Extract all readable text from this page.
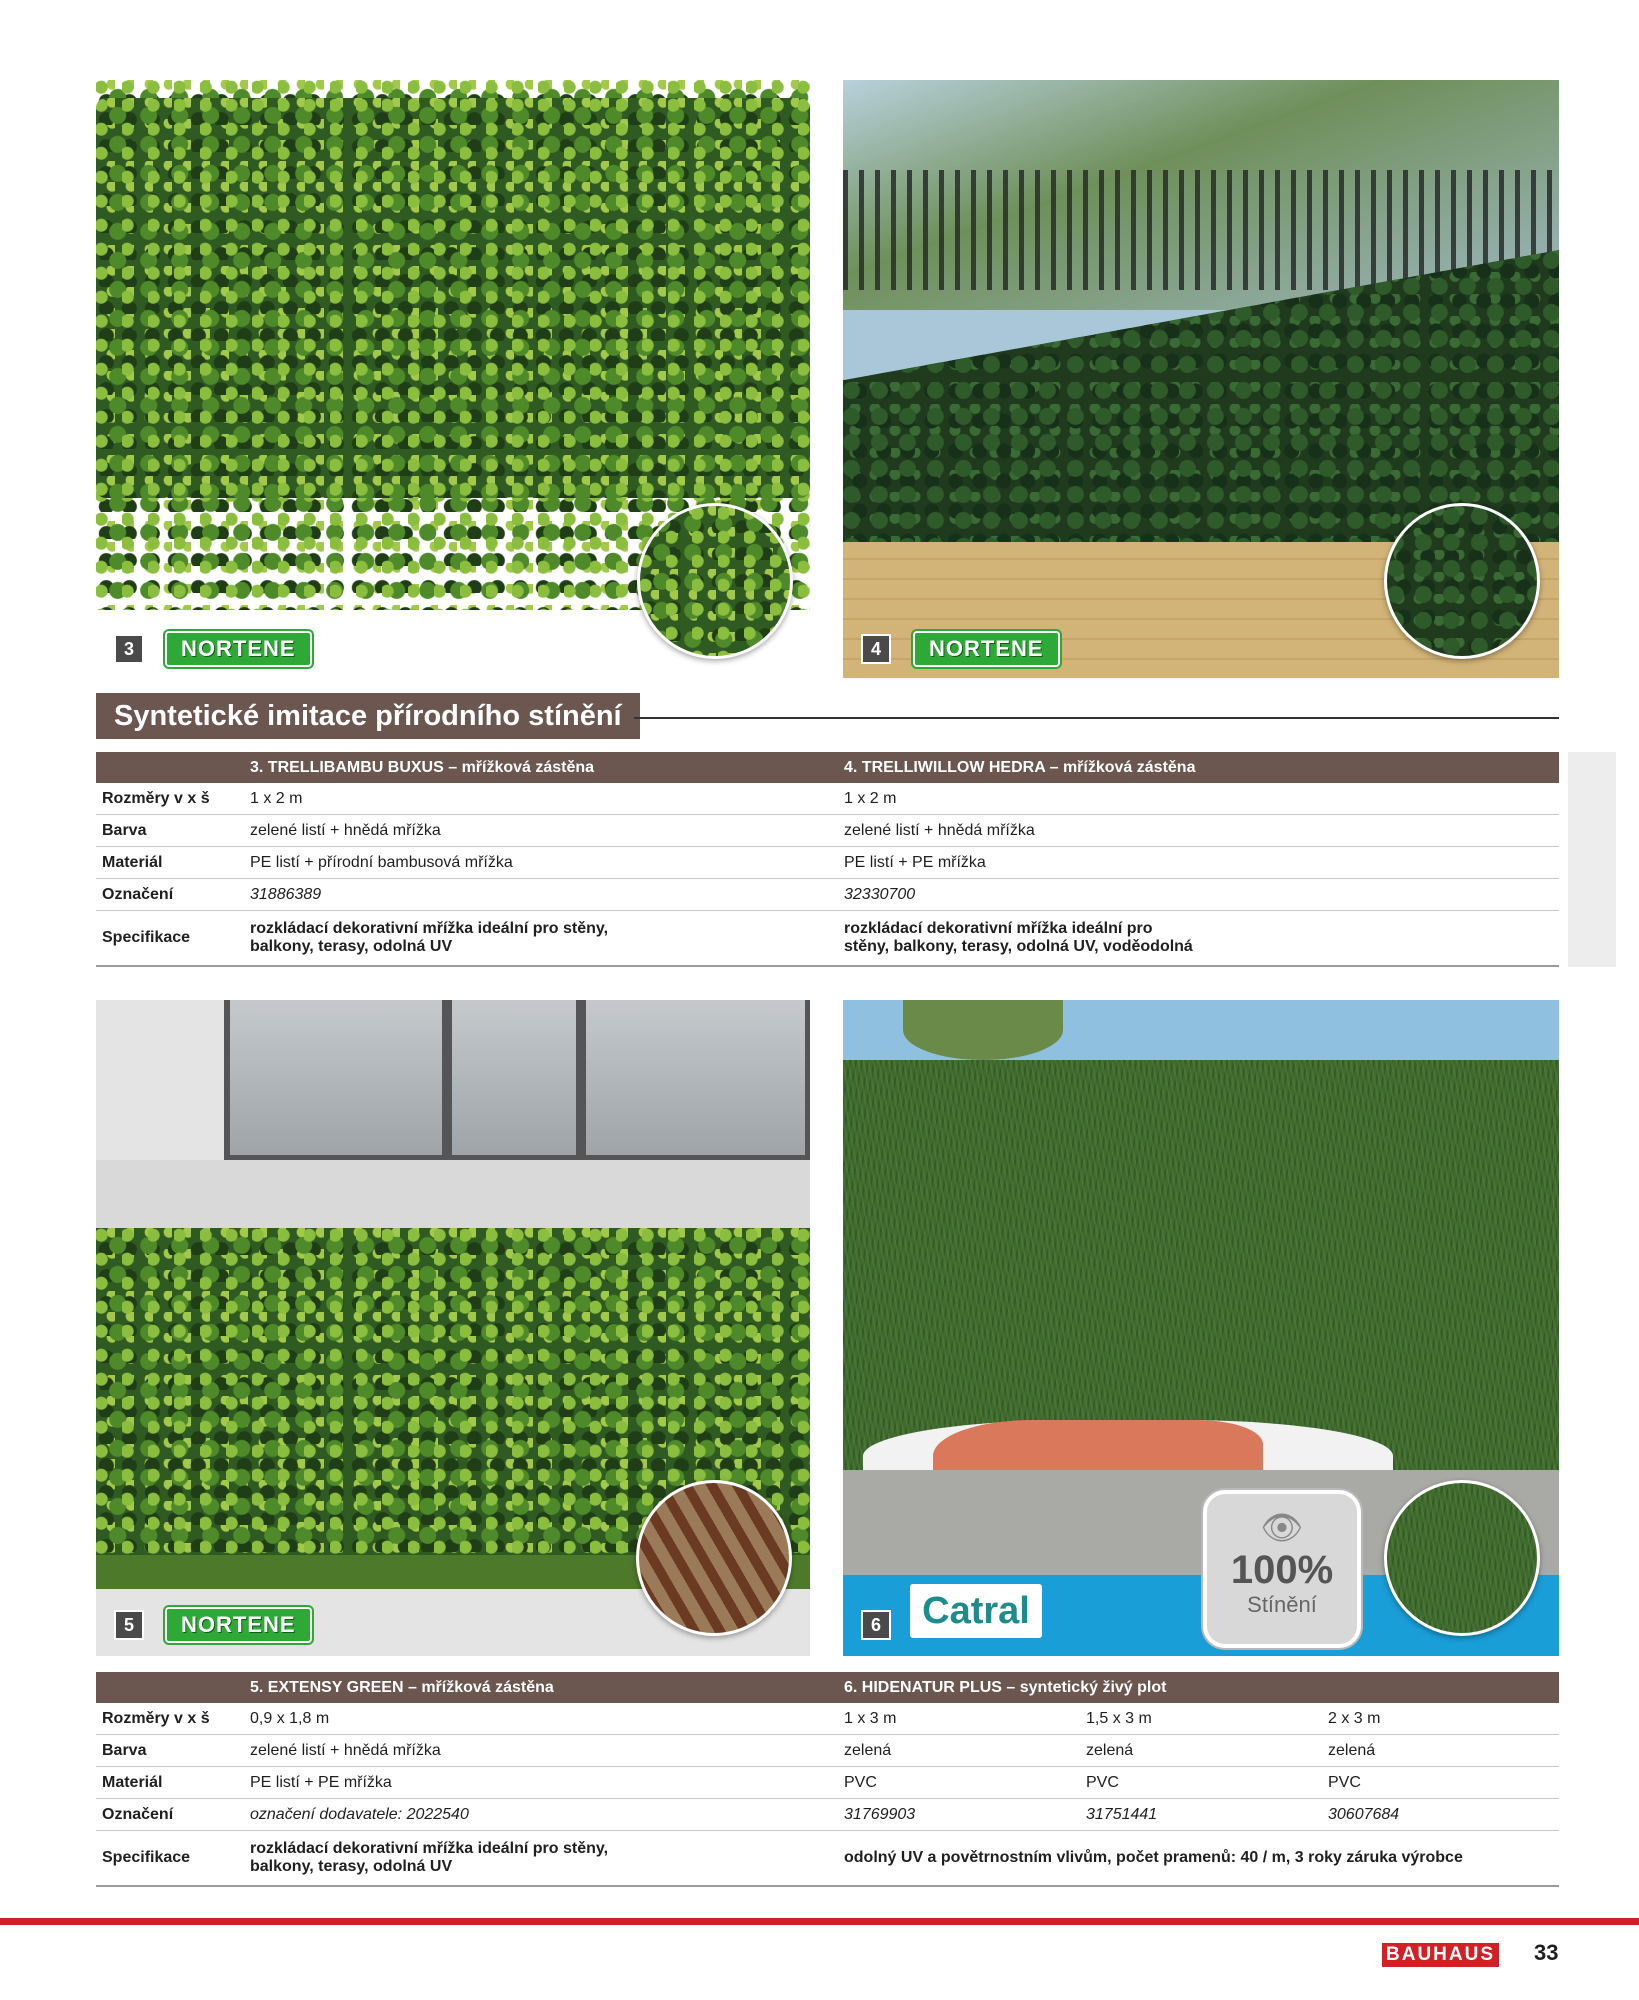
3	NORTENE	4	NORTENE
Syntetické imitace přírodního stínění
	3. TRELLIBAMBU BUXUS – mřížková zástěna	4. TRELLIWILLOW HEDRA – mřížková zástěna
Rozměry v x š	1 x 2 m	1 x 2 m
Barva	zelené listí + hnědá mřížka	zelené listí + hnědá mřížka
Materiál	PE listí + přírodní bambusová mřížka	PE listí + PE mřížka
Označení	31886389	32330700
Specifikace	rozkládací dekorativní mřížka ideální pro stěny, balkony, terasy, odolná UV	rozkládací dekorativní mřížka ideální pro stěny, balkony, terasy, odolná UV, voděodolná
5	NORTENE
👁
100%
Stínění
6	Catral
	5. EXTENSY GREEN – mřížková zástěna	6. HIDENATUR PLUS – syntetický živý plot		
Rozměry v x š	0,9 x 1,8 m	1 x 3 m	1,5 x 3 m	2 x 3 m
Barva	zelené listí + hnědá mřížka	zelená	zelená	zelená
Materiál	PE listí + PE mřížka	PVC	PVC	PVC
Označení	označení dodavatele: 2022540	31769903	31751441	30607684
Specifikace	rozkládací dekorativní mřížka ideální pro stěny, balkony, terasy, odolná UV	odolný UV a povětrnostním vlivům, počet pramenů: 40 / m, 3 roky záruka výrobce		
BAUHAUS 33
